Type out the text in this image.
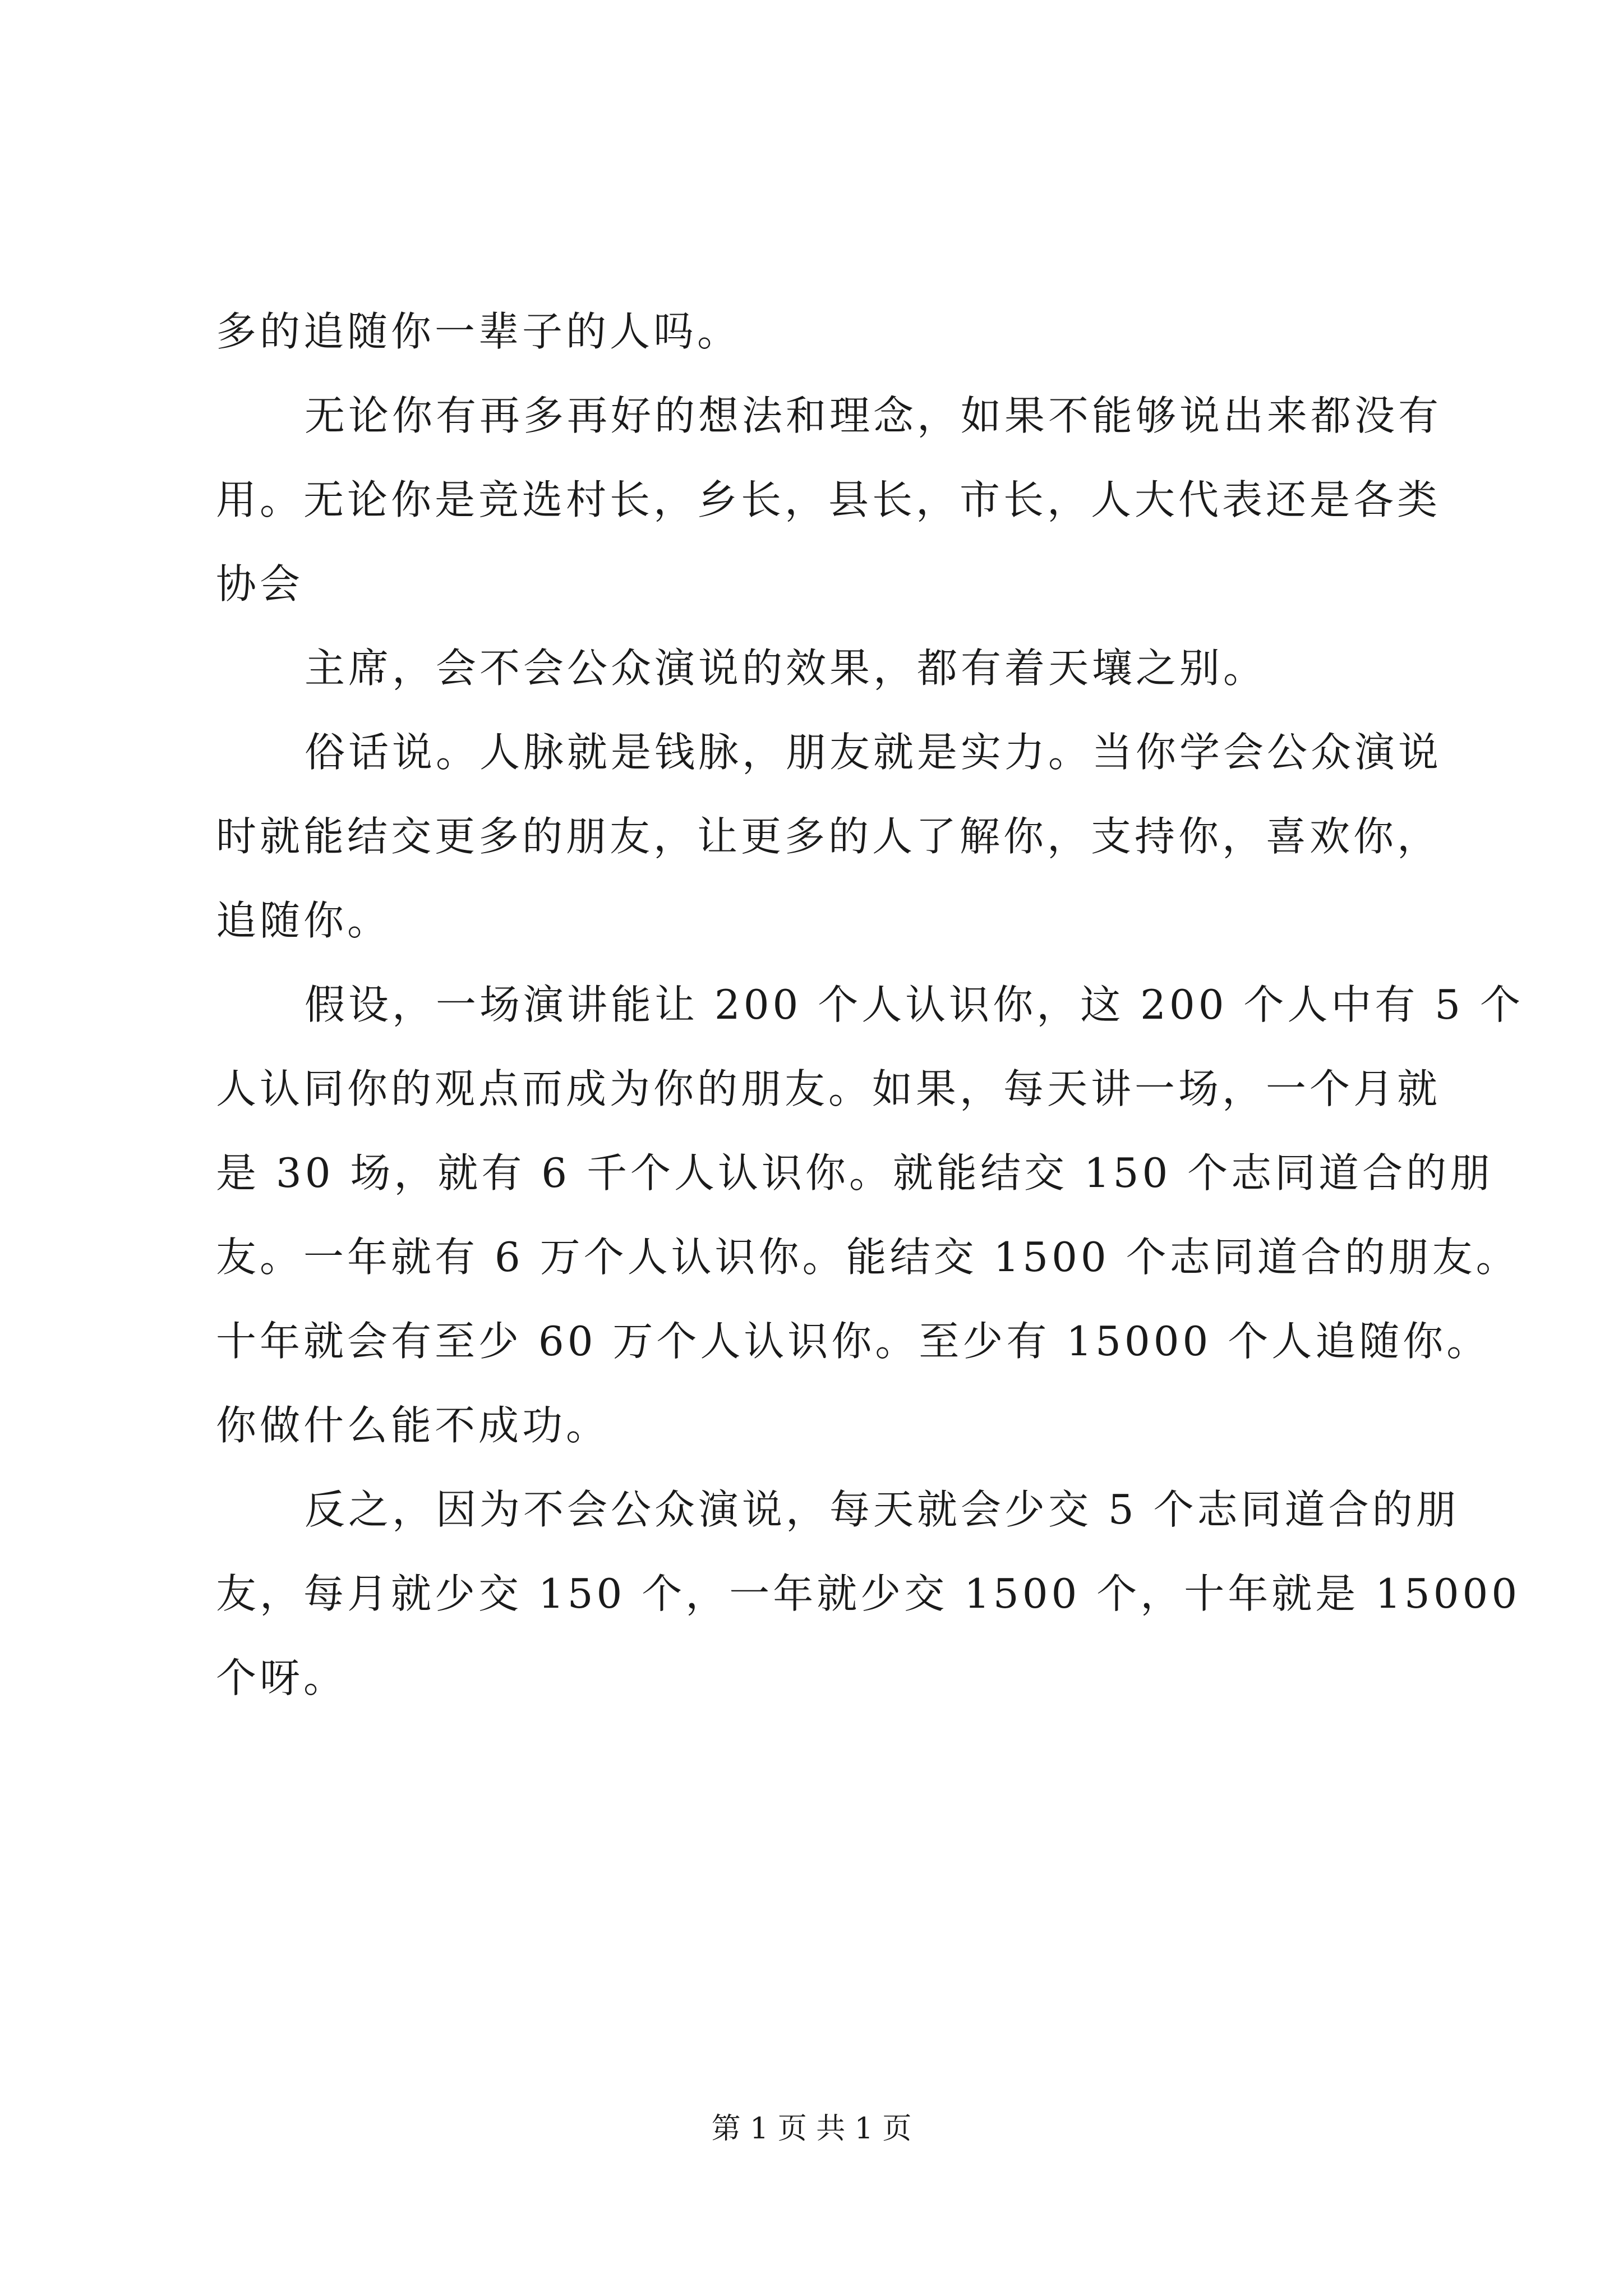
多的追随你一辈子的人吗。
无论你有再多再好的想法和理念，如果不能够说出来都没有
用。无论你是竞选村长，乡长，县长，市长，人大代表还是各类
协会
主席，会不会公众演说的效果，都有着天壤之别。
俗话说。人脉就是钱脉，朋友就是实力。当你学会公众演说
时就能结交更多的朋友，让更多的人了解你，支持你，喜欢你，
追随你。
假设，一场演讲能让 200 个人认识你，这 200 个人中有 5 个
人认同你的观点而成为你的朋友。如果，每天讲一场，一个月就
是 30 场，就有 6 千个人认识你。就能结交 150 个志同道合的朋
友。一年就有 6 万个人认识你。能结交 1500 个志同道合的朋友。
十年就会有至少 60 万个人认识你。至少有 15000 个人追随你。
你做什么能不成功。
反之，因为不会公众演说，每天就会少交 5 个志同道合的朋
友，每月就少交 150 个，一年就少交 1500 个，十年就是 15000
个呀。
第 1 页 共 1 页
